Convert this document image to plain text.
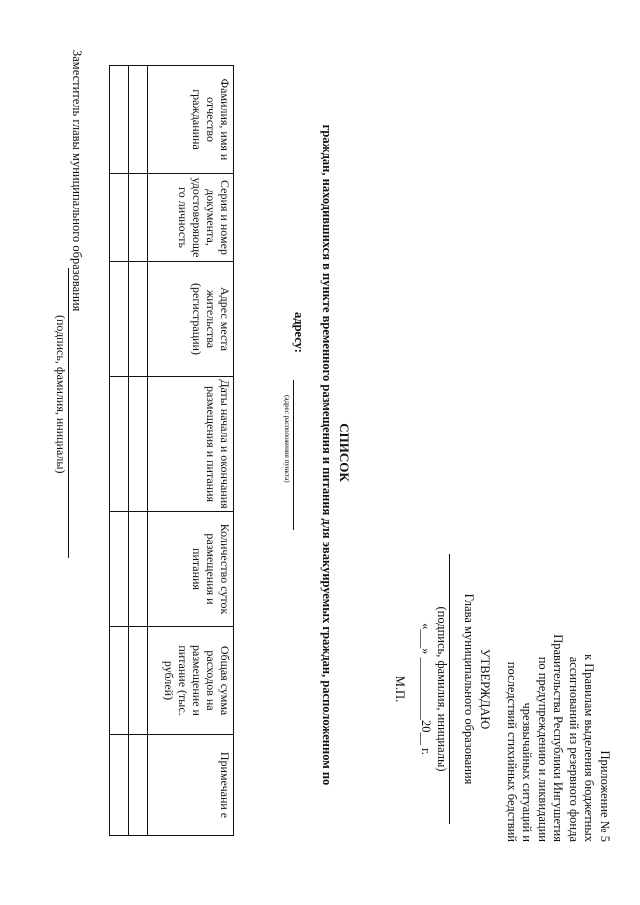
Приложение № 5
к Правилам выделения бюджетных
ассигнований из резервного фонда
Правительства Республики Ингушетия
по предупреждению и ликвидации
чрезвычайных ситуаций и
последствий стихийных бедствий
УТВЕРЖДАЮ
Глава муниципального образования
(подпись, фамилия, инициалы)
«___» __________20__ г.
М.П.
СПИСОК
граждан, находившихся в пункте временного размещения и питания для эвакуируемых граждан, расположенном по
адресу:
(адрес расположения пункта)
Фамилия, имя и отчество гражданина	Серия и номер документа, удостоверяюще го личность	Адрес места жительства (регистрации)	Даты начала и окончания размещения и питания	Количество суток размещения и питания	Общая сумма расходов на размещение и питание (тыс. рублей)	Примечани е

Заместитель главы муниципального образования
(подпись, фамилия, инициалы)
